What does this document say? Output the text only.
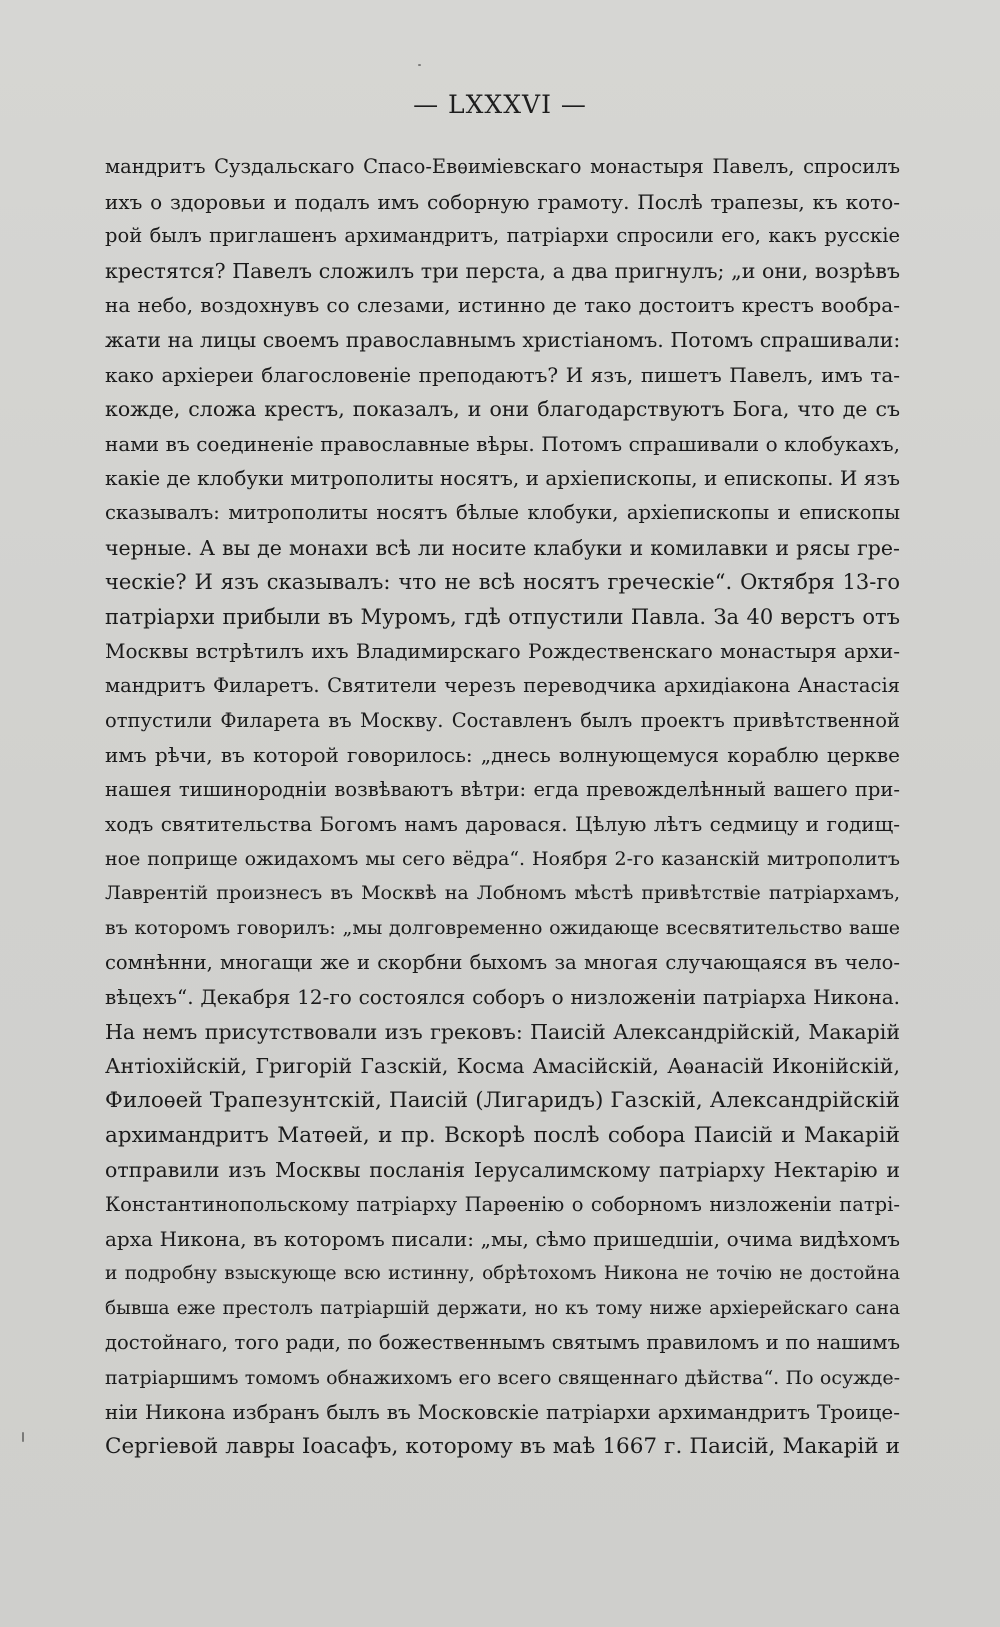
— LXXXVI —
мандритъ Суздальскаго Спасо-Евѳиміевскаго монастыря Павелъ, спросилъ
ихъ о здоровьи и подалъ имъ соборную грамоту. Послѣ трапезы, къ кото-
рой былъ приглашенъ архимандритъ, патріархи спросили его, какъ русскіе
крестятся? Павелъ сложилъ три перста, а два пригнулъ; „и они, возрѣвъ
на небо, воздохнувъ со слезами, истинно де тако достоитъ крестъ вообра-
жати на лицы своемъ православнымъ христіаномъ. Потомъ спрашивали:
како архіереи благословеніе преподаютъ? И язъ, пишетъ Павелъ, имъ та-
кожде, сложа крестъ, показалъ, и они благодарствуютъ Бога, что де съ
нами въ соединеніе православные вѣры. Потомъ спрашивали о клобукахъ,
какіе де клобуки митрополиты носятъ, и архіепископы, и епископы. И язъ
сказывалъ: митрополиты носятъ бѣлые клобуки, архіепископы и епископы
черные. А вы де монахи всѣ ли носите клабуки и комилавки и рясы гре-
ческіе? И язъ сказывалъ: что не всѣ носятъ греческіе“. Октября 13-го
патріархи прибыли въ Муромъ, гдѣ отпустили Павла. За 40 верстъ отъ
Москвы встрѣтилъ ихъ Владимирскаго Рождественскаго монастыря архи-
мандритъ Филаретъ. Святители черезъ переводчика архидіакона Анастасія
отпустили Филарета въ Москву. Составленъ былъ проектъ привѣтственной
имъ рѣчи, въ которой говорилось: „днесь волнующемуся кораблю церкве
нашея тишинородніи возвѣваютъ вѣтри: егда превожделѣнный вашего при-
ходъ святительства Богомъ намъ даровася. Цѣлую лѣтъ седмицу и годищ-
ное поприще ожидахомъ мы сего вёдра“. Ноября 2-го казанскій митрополитъ
Лаврентій произнесъ въ Москвѣ на Лобномъ мѣстѣ привѣтствіе патріархамъ,
въ которомъ говорилъ: „мы долговременно ожидающе всесвятительство ваше
сомнѣнни, многащи же и скорбни быхомъ за многая случающаяся въ чело-
вѣцехъ“. Декабря 12-го состоялся соборъ о низложеніи патріарха Никона.
На немъ присутствовали изъ грековъ: Паисій Александрійскій, Макарій
Антіохійскій, Григорій Газскій, Косма Амасійскій, Аѳанасій Иконійскій,
Филоѳей Трапезунтскій, Паисій (Лигаридъ) Газскій, Александрійскій
архимандритъ Матѳей, и пр. Вскорѣ послѣ собора Паисій и Макарій
отправили изъ Москвы посланія Іерусалимскому патріарху Нектарію и
Константинопольскому патріарху Парѳенію о соборномъ низложеніи патрі-
арха Никона, въ которомъ писали: „мы, сѣмо пришедшіи, очима видѣхомъ
и подробну взыскующе всю истинну, обрѣтохомъ Никона не точію не достойна
бывша еже престолъ патріаршій держати, но къ тому ниже архіерейскаго сана
достойнаго, того ради, по божественнымъ святымъ правиломъ и по нашимъ
патріаршимъ томомъ обнажихомъ его всего священнаго дѣйства“. По осужде-
ніи Никона избранъ былъ въ Московскіе патріархи архимандритъ Троице-
Сергіевой лавры Іоасафъ, которому въ маѣ 1667 г. Паисій, Макарій и
